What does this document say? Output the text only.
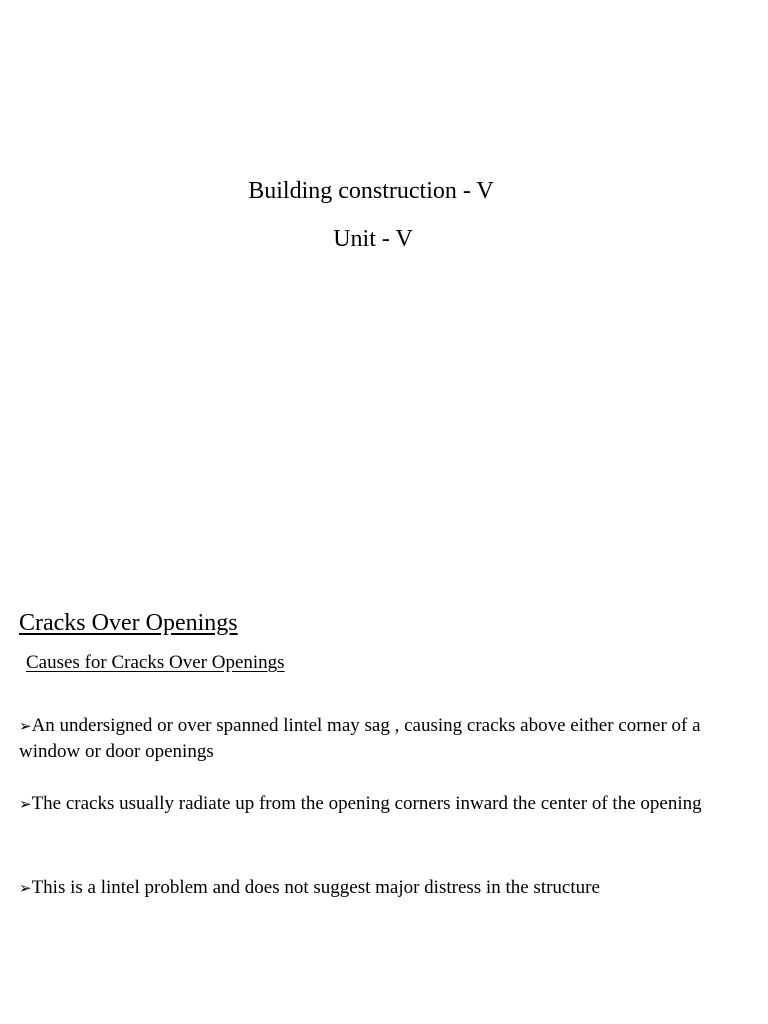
Building construction - V
Unit - V
Cracks Over Openings
Causes for Cracks Over Openings
➢An undersigned or over spanned lintel may sag , causing cracks above either corner of a window or door openings
➢The cracks usually radiate up from the opening corners inward the center of the opening
➢This is a lintel problem and does not suggest major distress in the structure
